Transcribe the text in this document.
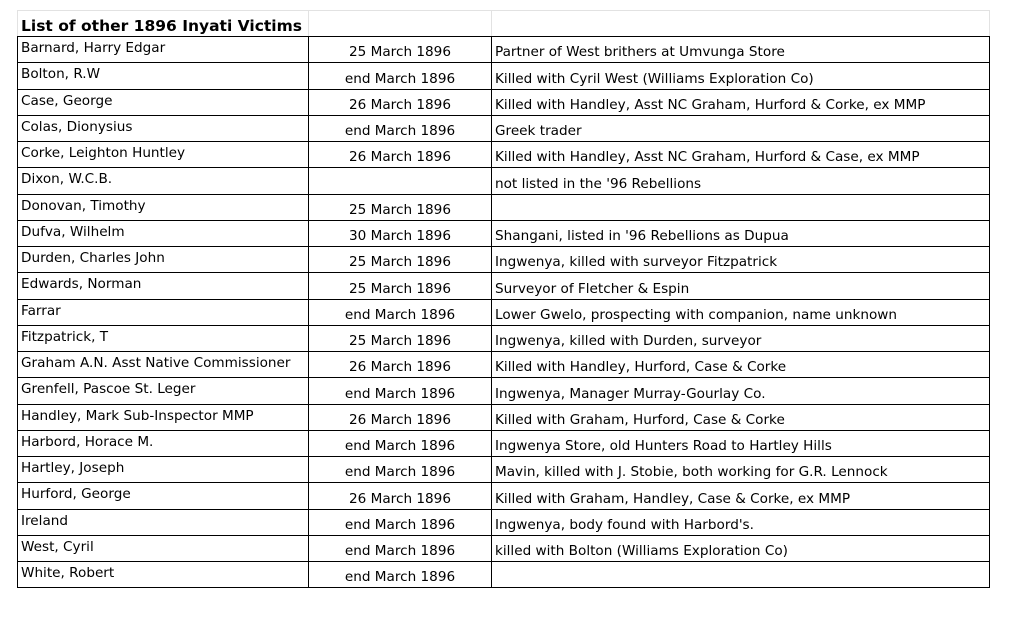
List of other 1896 Inyati Victims		
Barnard, Harry Edgar	25 March 1896	Partner of West brithers at Umvunga Store
Bolton, R.W	end March 1896	Killed with Cyril West (Williams Exploration Co)
Case, George	26 March 1896	Killed with Handley, Asst NC Graham, Hurford & Corke, ex MMP
Colas, Dionysius	end March 1896	Greek trader
Corke, Leighton Huntley	26 March 1896	Killed with Handley, Asst NC Graham, Hurford & Case, ex MMP
Dixon, W.C.B.		not listed in the '96 Rebellions
Donovan, Timothy	25 March 1896	
Dufva, Wilhelm	30 March 1896	Shangani, listed in '96 Rebellions as Dupua
Durden, Charles John	25 March 1896	Ingwenya, killed with surveyor Fitzpatrick
Edwards, Norman	25 March 1896	Surveyor of Fletcher & Espin
Farrar	end March 1896	Lower Gwelo, prospecting with companion, name unknown
Fitzpatrick, T	25 March 1896	Ingwenya, killed with Durden, surveyor
Graham A.N. Asst Native Commissioner	26 March 1896	Killed with Handley, Hurford, Case & Corke
Grenfell, Pascoe St. Leger	end March 1896	Ingwenya, Manager Murray-Gourlay Co.
Handley, Mark Sub-Inspector MMP	26 March 1896	Killed with Graham, Hurford, Case & Corke
Harbord, Horace M.	end March 1896	Ingwenya Store, old Hunters Road to Hartley Hills
Hartley, Joseph	end March 1896	Mavin, killed with J. Stobie, both working for G.R. Lennock
Hurford, George	26 March 1896	Killed with Graham, Handley, Case & Corke, ex MMP
Ireland	end March 1896	Ingwenya, body found with Harbord's.
West, Cyril	end March 1896	killed with Bolton (Williams Exploration Co)
White, Robert	end March 1896	
